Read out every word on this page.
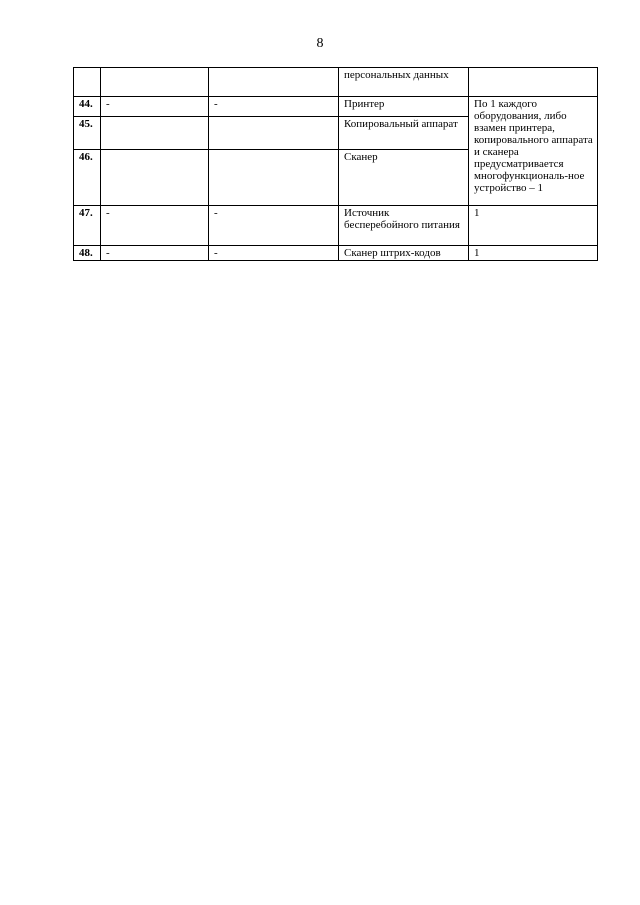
8
			персональных данных	
44.	-	-	Принтер	По 1 каждого оборудования, либо взамен принтера, копировального аппарата и сканера предусматривается многофункциональ-ное устройство – 1
45.			Копировальный аппарат	
46.			Сканер	
47.	-	-	Источник бесперебойного питания	1
48.	-	-	Сканер штрих-кодов	1
